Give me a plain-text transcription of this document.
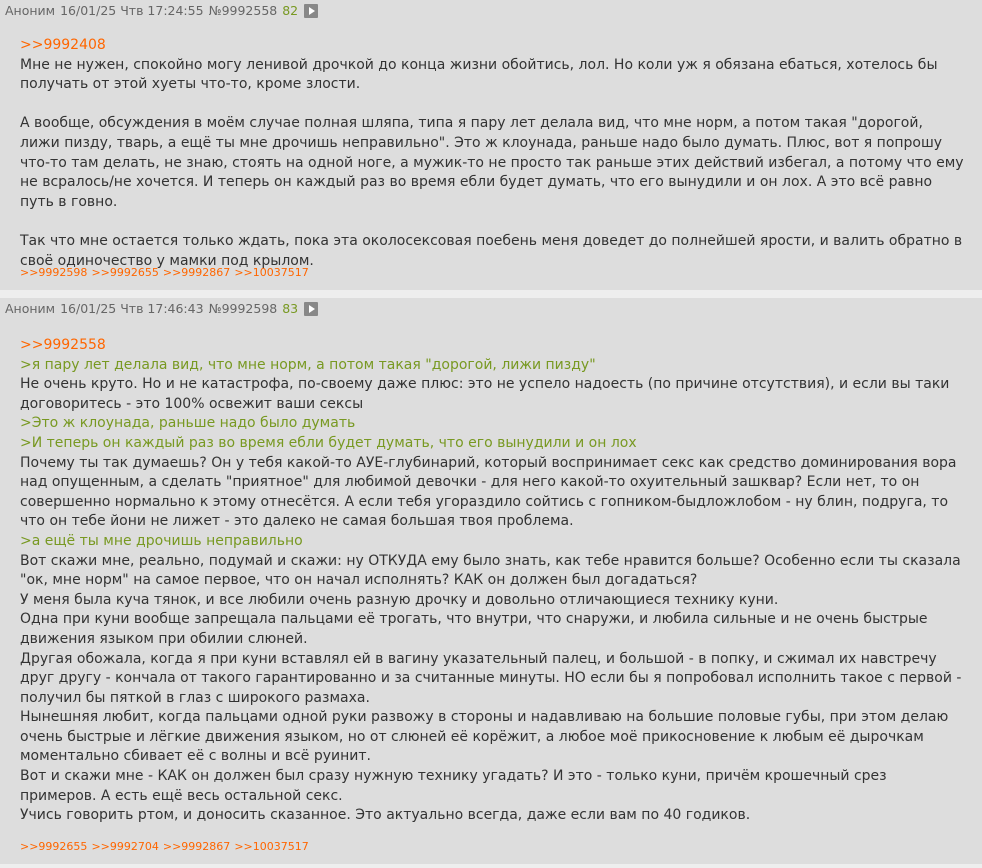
Аноним 16/01/25 Чтв 17:24:55 №9992558 82
>>9992408
Мне не нужен, спокойно могу ленивой дрочкой до конца жизни обойтись, лол. Но коли уж я обязана ебаться, хотелось бы получать от этой хуеты что-то, кроме злости.
А вообще, обсуждения в моём случае полная шляпа, типа я пару лет делала вид, что мне норм, а потом такая "дорогой, лижи пизду, тварь, а ещё ты мне дрочишь неправильно". Это ж клоунада, раньше надо было думать. Плюс, вот я попрошу что-то там делать, не знаю, стоять на одной ноге, а мужик-то не просто так раньше этих действий избегал, а потому что ему не всралось/не хочется. И теперь он каждый раз во время ебли будет думать, что его вынудили и он лох. А это всё равно путь в говно.
Так что мне остается только ждать, пока эта околосексовая поебень меня доведет до полнейшей ярости, и валить обратно в своё одиночество у мамки под крылом.
>>9992598 >>9992655 >>9992867 >>10037517
Аноним 16/01/25 Чтв 17:46:43 №9992598 83
>>9992558
>я пару лет делала вид, что мне норм, а потом такая "дорогой, лижи пизду"
Не очень круто. Но и не катастрофа, по-своему даже плюс: это не успело надоесть (по причине отсутствия), и если вы таки договоритесь - это 100% освежит ваши сексы
>Это ж клоунада, раньше надо было думать
>И теперь он каждый раз во время ебли будет думать, что его вынудили и он лох
Почему ты так думаешь? Он у тебя какой-то АУЕ-глубинарий, который воспринимает секс как средство доминирования вора над опущенным, а сделать "приятное" для любимой девочки - для него какой-то охуительный зашквар? Если нет, то он совершенно нормально к этому отнесётся. А если тебя угораздило сойтись с гопником-быдложлобом - ну блин, подруга, то что он тебе йони не лижет - это далеко не самая большая твоя проблема.
>а ещё ты мне дрочишь неправильно
Вот скажи мне, реально, подумай и скажи: ну ОТКУДА ему было знать, как тебе нравится больше? Особенно если ты сказала "ок, мне норм" на самое первое, что он начал исполнять? КАК он должен был догадаться?
У меня была куча тянок, и все любили очень разную дрочку и довольно отличающиеся технику куни.
Одна при куни вообще запрещала пальцами её трогать, что внутри, что снаружи, и любила сильные и не очень быстрые движения языком при обилии слюней.
Другая обожала, когда я при куни вставлял ей в вагину указательный палец, и большой - в попку, и сжимал их навстречу друг другу - кончала от такого гарантированно и за считанные минуты. НО если бы я попробовал исполнить такое с первой - получил бы пяткой в глаз с широкого размаха.
Нынешняя любит, когда пальцами одной руки развожу в стороны и надавливаю на большие половые губы, при этом делаю очень быстрые и лёгкие движения языком, но от слюней её корёжит, а любое моё прикосновение к любым её дырочкам моментально сбивает её с волны и всё руинит.
Вот и скажи мне - КАК он должен был сразу нужную технику угадать? И это - только куни, причём крошечный срез примеров. А есть ещё весь остальной секс.
Учись говорить ртом, и доносить сказанное. Это актуально всегда, даже если вам по 40 годиков.
>>9992655 >>9992704 >>9992867 >>10037517
